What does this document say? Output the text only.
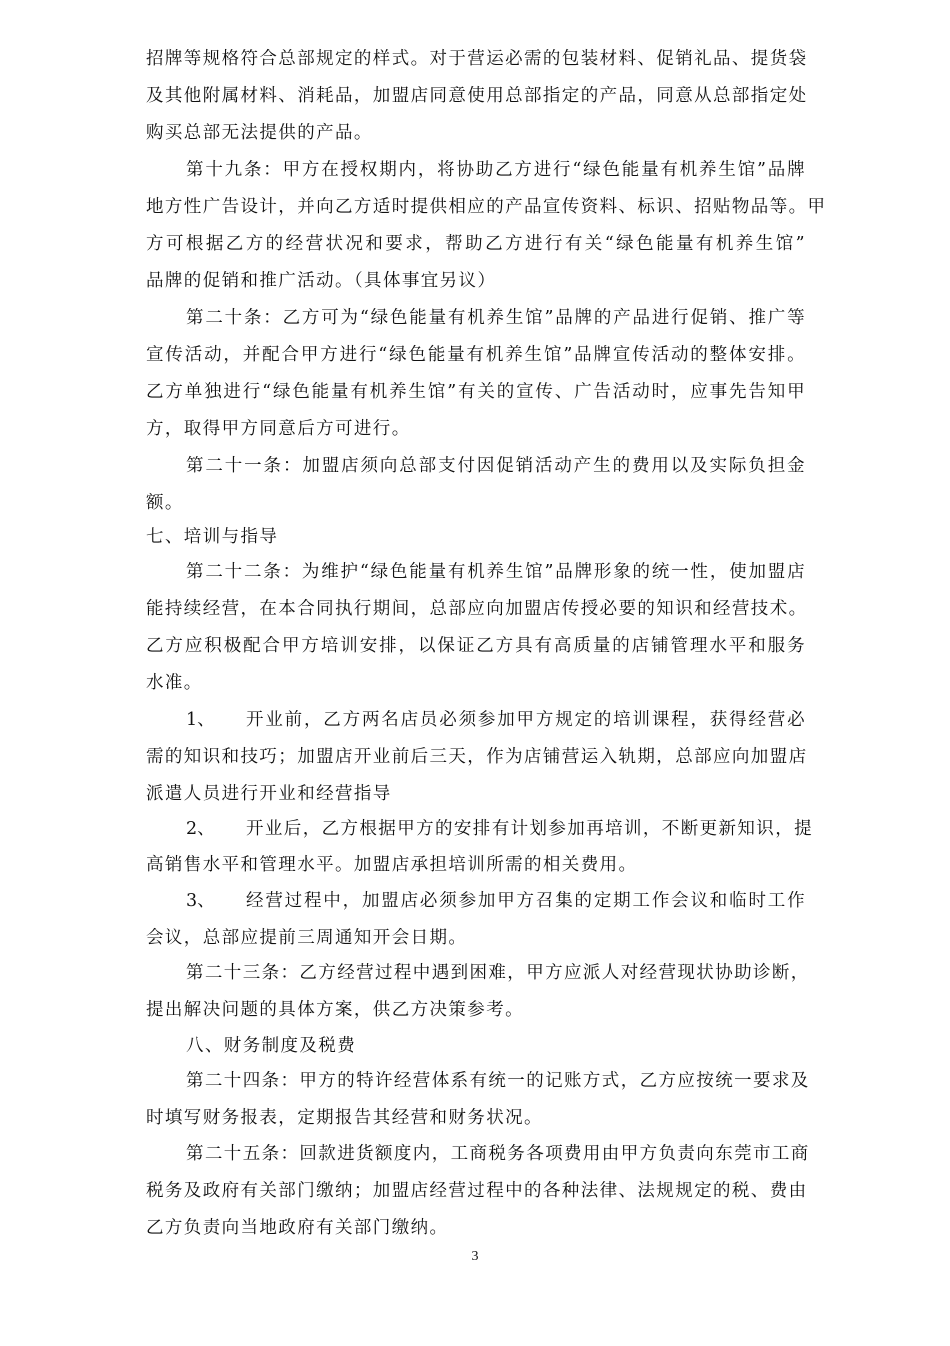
招牌等规格符合总部规定的样式。对于营运必需的包装材料、促销礼品、提货袋
及其他附属材料、消耗品，加盟店同意使用总部指定的产品，同意从总部指定处
购买总部无法提供的产品。
第十九条：甲方在授权期内，将协助乙方进行“绿色能量有机养生馆”品牌
地方性广告设计，并向乙方适时提供相应的产品宣传资料、标识、招贴物品等。甲
方可根据乙方的经营状况和要求，帮助乙方进行有关“绿色能量有机养生馆”
品牌的促销和推广活动。（具体事宜另议）
第二十条：乙方可为“绿色能量有机养生馆”品牌的产品进行促销、推广等
宣传活动，并配合甲方进行“绿色能量有机养生馆”品牌宣传活动的整体安排。
乙方单独进行“绿色能量有机养生馆”有关的宣传、广告活动时，应事先告知甲
方，取得甲方同意后方可进行。
第二十一条：加盟店须向总部支付因促销活动产生的费用以及实际负担金
额。
七、培训与指导
第二十二条：为维护“绿色能量有机养生馆”品牌形象的统一性，使加盟店
能持续经营，在本合同执行期间，总部应向加盟店传授必要的知识和经营技术。
乙方应积极配合甲方培训安排，以保证乙方具有高质量的店铺管理水平和服务
水准。
1、 开业前，乙方两名店员必须参加甲方规定的培训课程，获得经营必
需的知识和技巧；加盟店开业前后三天，作为店铺营运入轨期，总部应向加盟店
派遣人员进行开业和经营指导
2、 开业后，乙方根据甲方的安排有计划参加再培训，不断更新知识，提
高销售水平和管理水平。加盟店承担培训所需的相关费用。
3、 经营过程中，加盟店必须参加甲方召集的定期工作会议和临时工作
会议，总部应提前三周通知开会日期。
第二十三条：乙方经营过程中遇到困难，甲方应派人对经营现状协助诊断，
提出解决问题的具体方案，供乙方决策参考。
八、财务制度及税费
第二十四条：甲方的特许经营体系有统一的记账方式，乙方应按统一要求及
时填写财务报表，定期报告其经营和财务状况。
第二十五条：回款进货额度内，工商税务各项费用由甲方负责向东莞市工商
税务及政府有关部门缴纳；加盟店经营过程中的各种法律、法规规定的税、费由
乙方负责向当地政府有关部门缴纳。
3
